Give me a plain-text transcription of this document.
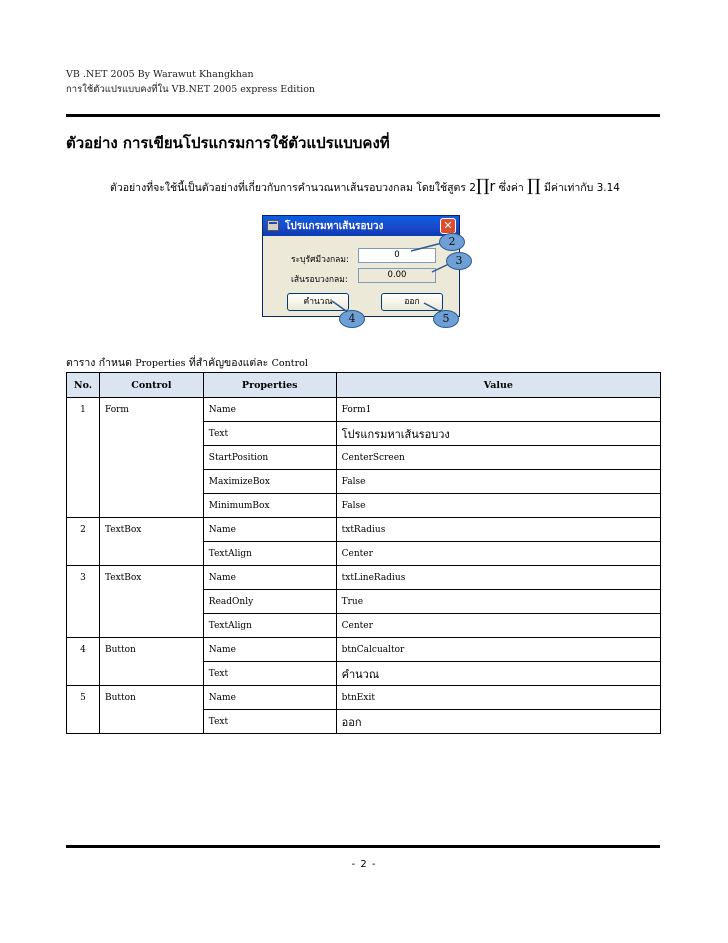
VB .NET 2005 By Warawut Khangkhan
การใช้ตัวแปรแบบคงที่ใน VB.NET 2005 express Edition
ตัวอย่าง การเขียนโปรแกรมการใช้ตัวแปรแบบคงที่
ตัวอย่างที่จะใช้นี้เป็นตัวอย่างที่เกี่ยวกับการคำนวณหาเส้นรอบวงกลม โดยใช้สูตร 2∏r ซึ่งค่า ∏ มีค่าเท่ากับ 3.14
โปรแกรมหาเส้นรอบวง	✕
ระบุรัศมีวงกลม:	0
เส้นรอบวงกลม:	0.00
คำนวณ	ออก
2
3
4	5
ตาราง กำหนด Properties ที่สำคัญของแต่ละ Control
No.	Control	Properties	Value
1	Form	Name	Form1
		Text	โปรแกรมหาเส้นรอบวง
		StartPosition	CenterScreen
		MaximizeBox	False
		MinimumBox	False
2	TextBox	Name	txtRadius
		TextAlign	Center
3	TextBox	Name	txtLineRadius
		ReadOnly	True
		TextAlign	Center
4	Button	Name	btnCalcualtor
		Text	คำนวณ
5	Button	Name	btnExit
		Text	ออก
- 2 -
